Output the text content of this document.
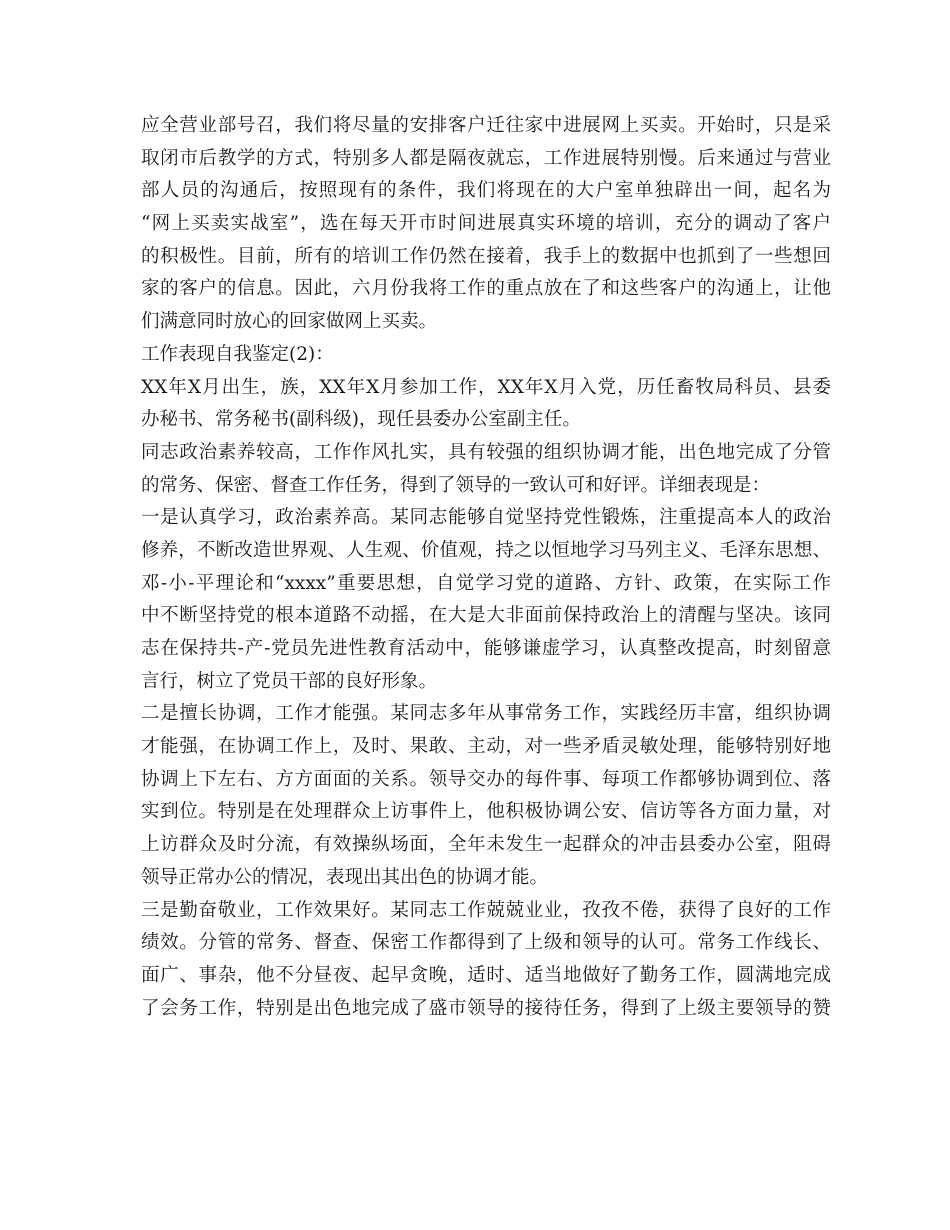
应全营业部号召，我们将尽量的安排客户迁往家中进展网上买卖。开始时，只是采
取闭市后教学的方式，特别多人都是隔夜就忘，工作进展特别慢。后来通过与营业
部人员的沟通后，按照现有的条件，我们将现在的大户室单独辟出一间，起名为
“网上买卖实战室”，选在每天开市时间进展真实环境的培训，充分的调动了客户
的积极性。目前，所有的培训工作仍然在接着，我手上的数据中也抓到了一些想回
家的客户的信息。因此，六月份我将工作的重点放在了和这些客户的沟通上，让他
们满意同时放心的回家做网上买卖。
工作表现自我鉴定(2)：
XX年X月出生，族，XX年X月参加工作，XX年X月入党，历任畜牧局科员、县委
办秘书、常务秘书(副科级)，现任县委办公室副主任。
同志政治素养较高，工作作风扎实，具有较强的组织协调才能，出色地完成了分管
的常务、保密、督查工作任务，得到了领导的一致认可和好评。详细表现是：
一是认真学习，政治素养高。某同志能够自觉坚持党性锻炼，注重提高本人的政治
修养，不断改造世界观、人生观、价值观，持之以恒地学习马列主义、毛泽东思想、
邓-小-平理论和“xxxx”重要思想，自觉学习党的道路、方针、政策，在实际工作
中不断坚持党的根本道路不动摇，在大是大非面前保持政治上的清醒与坚决。该同
志在保持共-产-党员先进性教育活动中，能够谦虚学习，认真整改提高，时刻留意
言行，树立了党员干部的良好形象。
二是擅长协调，工作才能强。某同志多年从事常务工作，实践经历丰富，组织协调
才能强，在协调工作上，及时、果敢、主动，对一些矛盾灵敏处理，能够特别好地
协调上下左右、方方面面的关系。领导交办的每件事、每项工作都够协调到位、落
实到位。特别是在处理群众上访事件上，他积极协调公安、信访等各方面力量，对
上访群众及时分流，有效操纵场面，全年未发生一起群众的冲击县委办公室，阻碍
领导正常办公的情况，表现出其出色的协调才能。
三是勤奋敬业，工作效果好。某同志工作兢兢业业，孜孜不倦，获得了良好的工作
绩效。分管的常务、督查、保密工作都得到了上级和领导的认可。常务工作线长、
面广、事杂，他不分昼夜、起早贪晚，适时、适当地做好了勤务工作，圆满地完成
了会务工作，特别是出色地完成了盛市领导的接待任务，得到了上级主要领导的赞
